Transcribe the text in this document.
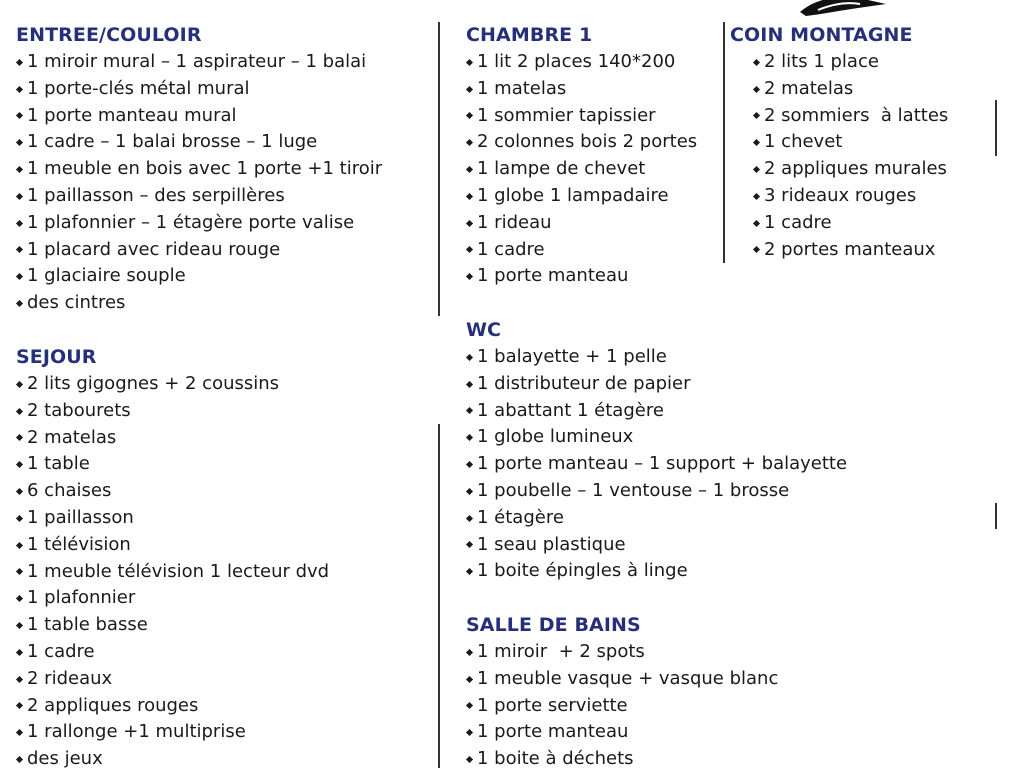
ENTREE/COULOIR
1 miroir mural – 1 aspirateur – 1 balai
1 porte-clés métal mural
1 porte manteau mural
1 cadre – 1 balai brosse – 1 luge
1 meuble en bois avec 1 porte +1 tiroir
1 paillasson – des serpillères
1 plafonnier – 1 étagère porte valise
1 placard avec rideau rouge
1 glaciaire souple
des cintres
SEJOUR
2 lits gigognes + 2 coussins
2 tabourets
2 matelas
1 table
6 chaises
1 paillasson
1 télévision
1 meuble télévision 1 lecteur dvd
1 plafonnier
1 table basse
1 cadre
2 rideaux
2 appliques rouges
1 rallonge +1 multiprise
des jeux
CHAMBRE 1
1 lit 2 places 140*200
1 matelas
1 sommier tapissier
2 colonnes bois 2 portes
1 lampe de chevet
1 globe 1 lampadaire
1 rideau
1 cadre
1 porte manteau
COIN MONTAGNE
2 lits 1 place
2 matelas
2 sommiers  à lattes
1 chevet
2 appliques murales
3 rideaux rouges
1 cadre
2 portes manteaux
WC
1 balayette + 1 pelle
1 distributeur de papier
1 abattant 1 étagère
1 globe lumineux
1 porte manteau – 1 support + balayette
1 poubelle – 1 ventouse – 1 brosse
1 étagère
1 seau plastique
1 boite épingles à linge
SALLE DE BAINS
1 miroir  + 2 spots
1 meuble vasque + vasque blanc
1 porte serviette
1 porte manteau
1 boite à déchets
